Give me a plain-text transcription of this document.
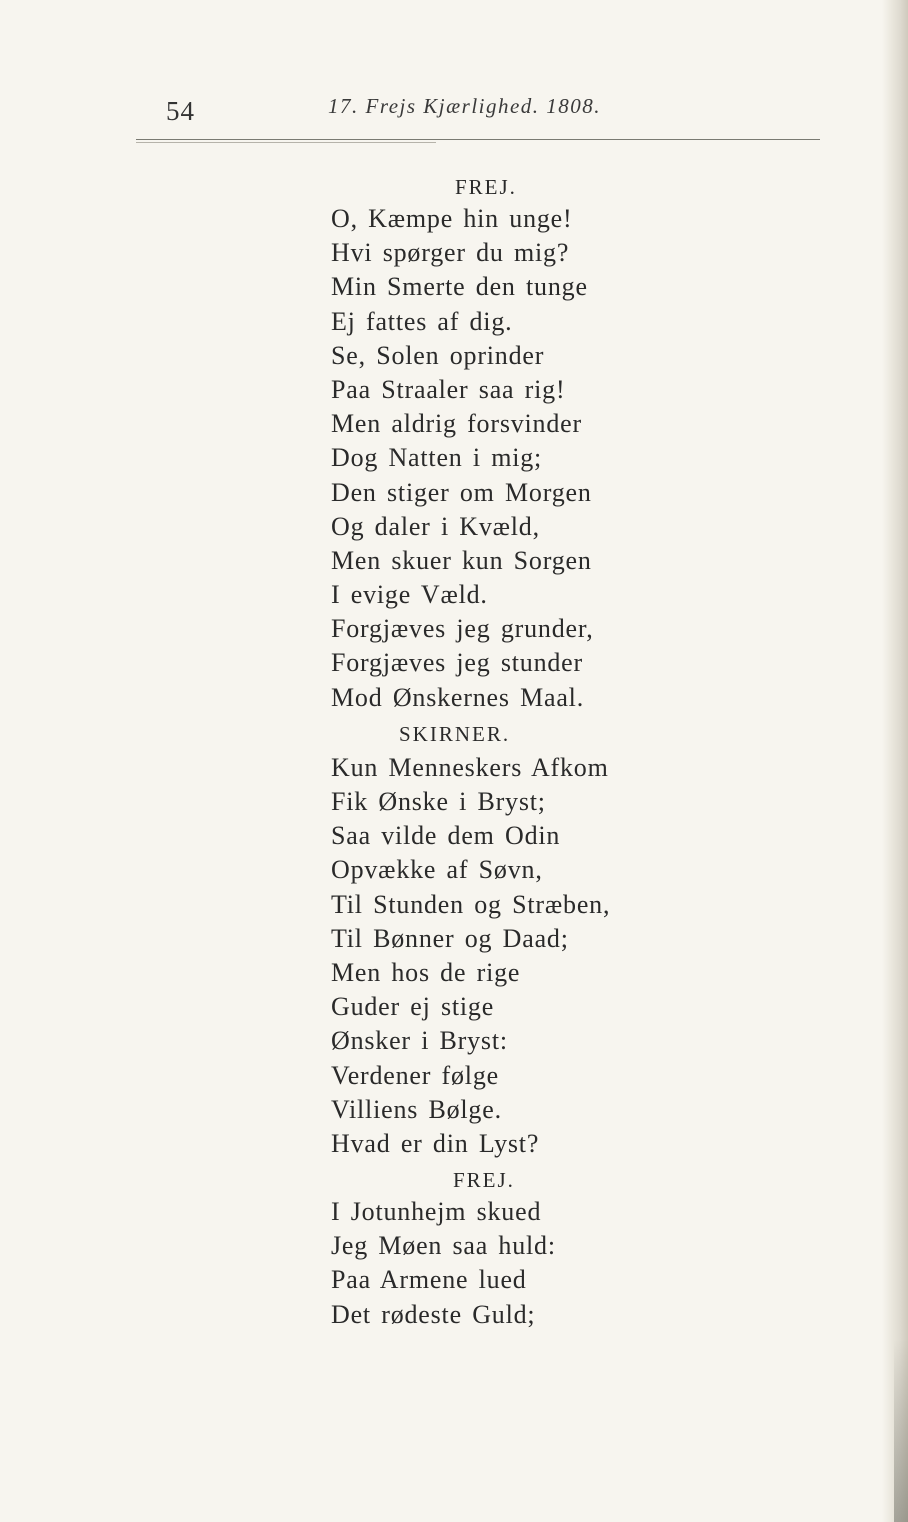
54	17. Frejs Kjærlighed. 1808.
FREJ.
O, Kæmpe hin unge!
Hvi spørger du mig?
Min Smerte den tunge
Ej fattes af dig.
Se, Solen oprinder
Paa Straaler saa rig!
Men aldrig forsvinder
Dog Natten i mig;
Den stiger om Morgen
Og daler i Kvæld,
Men skuer kun Sorgen
I evige Væld.
Forgjæves jeg grunder,
Forgjæves jeg stunder
Mod Ønskernes Maal.
SKIRNER.
Kun Menneskers Afkom
Fik Ønske i Bryst;
Saa vilde dem Odin
Opvække af Søvn,
Til Stunden og Stræben,
Til Bønner og Daad;
Men hos de rige
Guder ej stige
Ønsker i Bryst:
Verdener følge
Villiens Bølge.
Hvad er din Lyst?
FREJ.
I Jotunhejm skued
Jeg Møen saa huld:
Paa Armene lued
Det rødeste Guld;
